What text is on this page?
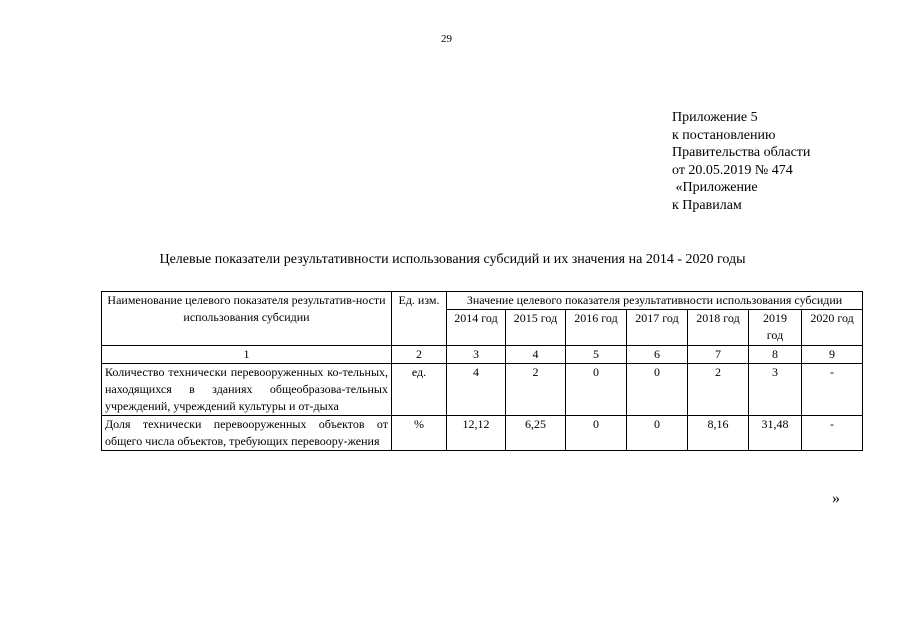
29
Приложение 5
к постановлению
Правительства области
от 20.05.2019 № 474
«Приложение
к Правилам
Целевые показатели результативности использования субсидий и их значения на 2014 - 2020 годы
Наименование целевого показателя результатив-ности использования субсидии	Ед. изм.	Значение целевого показателя результативности использования субсидии						
		2014 год	2015 год	2016 год	2017 год	2018 год	2019 год	2020 год
1	2	3	4	5	6	7	8	9
Количество технически перевооруженных ко-тельных, находящихся в зданиях общеобразова-тельных учреждений, учреждений культуры и от-дыха	ед.	4	2	0	0	2	3	-
Доля технически перевооруженных объектов от общего числа объектов, требующих перевоору-жения	%	12,12	6,25	0	0	8,16	31,48	-
»
